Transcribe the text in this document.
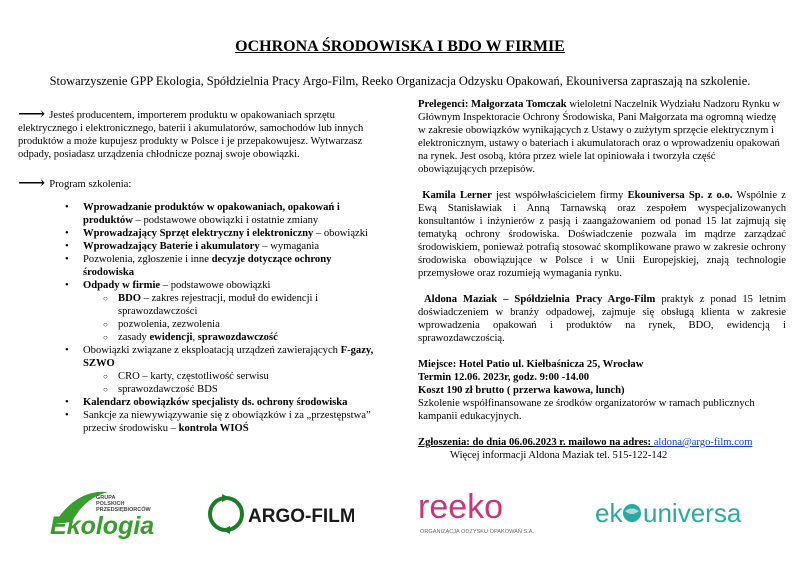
OCHRONA ŚRODOWISKA I BDO W FIRMIE
Stowarzyszenie GPP Ekologia, Spółdzielnia Pracy Argo-Film, Reeko Organizacja Odzysku Opakowań, Ekouniversa zapraszają na szkolenie.

⟶ Jesteś producentem, importerem produktu w opakowaniach sprzętu elektrycznego i elektronicznego, baterii i akumulatorów, samochodów lub innych produktów a może kupujesz produkty w Polsce i je przepakowujesz. Wytwarzasz odpady, posiadasz urządzenia chłodnicze poznaj swoje obowiązki.

⟶ Program szkolenia:

• Wprowadzanie produktów w opakowaniach, opakowań i produktów – podstawowe obowiązki i ostatnie zmiany
• Wprowadzający Sprzęt elektryczny i elektroniczny – obowiązki
• Wprowadzający Baterie i akumulatory – wymagania
• Pozwolenia, zgłoszenie i inne decyzje dotyczące ochrony środowiska
• Odpady w firmie – podstawowe obowiązki
○ BDO – zakres rejestracji, moduł do ewidencji i sprawozdawczości
○ pozwolenia, zezwolenia
○ zasady ewidencji, sprawozdawczość
• Obowiązki związane z eksploatacją urządzeń zawierających F-gazy, SZWO
○ CRO – karty, częstotliwość serwisu
○ sprawozdawczość BDS
• Kalendarz obowiązków specjalisty ds. ochrony środowiska
• Sankcje za niewywiązywanie się z obowiązków i za „przestępstwa” przeciw środowisku – kontrola WIOŚ

Prelegenci: Małgorzata Tomczak wieloletni Naczelnik Wydziału Nadzoru Rynku w Głównym Inspektoracie Ochrony Środowiska, Pani Małgorzata ma ogromną wiedzę w zakresie obowiązków wynikających z Ustawy o zużytym sprzęcie elektrycznym i elektronicznym, ustawy o bateriach i akumulatorach oraz o wprowadzeniu opakowań na rynek. Jest osobą, która przez wiele lat opiniowała i tworzyła część obowiązujących przepisów.

Kamila Lerner jest współwłaścicielem firmy Ekouniversa Sp. z o.o. Wspólnie z Ewą Stanisławiak i Anną Tarnawską oraz zespołem wyspecjalizowanych konsultantów i inżynierów z pasją i zaangażowaniem od ponad 15 lat zajmują się tematyką ochrony środowiska. Doświadczenie pozwala im mądrze zarządzać środowiskiem, ponieważ potrafią stosować skomplikowane prawo w zakresie ochrony środowiska obowiązujące w Polsce i w Unii Europejskiej, znają technologie przemysłowe oraz rozumieją wymagania rynku.

Aldona Maziak – Spółdzielnia Pracy Argo-Film praktyk z ponad 15 letnim doświadczeniem w branży odpadowej, zajmuje się obsługą klienta w zakresie wprowadzenia opakowań i produktów na rynek, BDO, ewidencją i sprawozdawczością.

Miejsce: Hotel Patio ul. Kiełbaśnicza 25, Wrocław
Termin 12.06. 2023r, godz. 9:00 -14.00
Koszt 190 zł brutto ( przerwa kawowa, lunch)
Szkolenie współfinansowane ze środków organizatorów w ramach publicznych kampanii edukacyjnych.

Zgłoszenia: do dnia 06.06.2023 r. mailowo na adres: aldona@argo-film.com
Więcej informacji Aldona Maziak tel. 515-122-142

GRUPA POLSKICH PRZEDSIĘBIORCÓW
Ekologia	ARGO-FILM reeko
ORGANIZACJA ODZYSKU OPAKOWAŃ S.A.
ek universa
